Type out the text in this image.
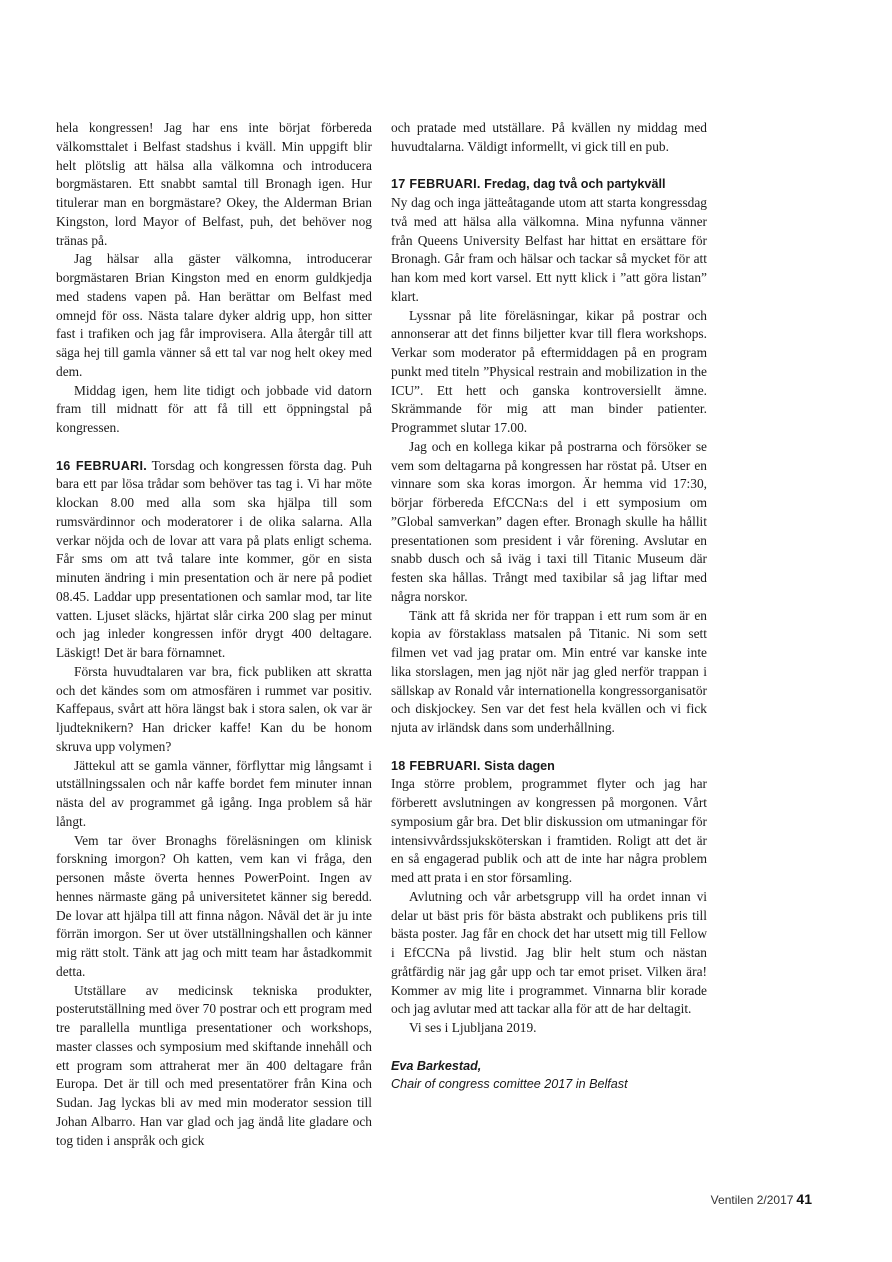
hela kongressen! Jag har ens inte börjat förbereda välkomsttalet i Belfast stadshus i kväll. Min uppgift blir helt plötslig att hälsa alla välkomna och introducera borgmästaren. Ett snabbt samtal till Bronagh igen. Hur titulerar man en borgmästare? Okey, the Alderman Brian Kingston, lord Mayor of Belfast, puh, det behöver nog tränas på.

Jag hälsar alla gäster välkomna, introducerar borgmästaren Brian Kingston med en enorm guldkjedja med stadens vapen på. Han berättar om Belfast med omnejd för oss. Nästa talare dyker aldrig upp, hon sitter fast i trafiken och jag får improvisera. Alla återgår till att säga hej till gamla vänner så ett tal var nog helt okey med dem.

Middag igen, hem lite tidigt och jobbade vid datorn fram till midnatt för att få till ett öppningstal på kongressen.

16 FEBRUARI. Torsdag och kongressen första dag. Puh bara ett par lösa trådar som behöver tas tag i. Vi har möte klockan 8.00 med alla som ska hjälpa till som rumsvärdinnor och moderatorer i de olika salarna. Alla verkar nöjda och de lovar att vara på plats enligt schema. Får sms om att två talare inte kommer, gör en sista minuten ändring i min presentation och är nere på podiet 08.45. Laddar upp presentationen och samlar mod, tar lite vatten. Ljuset släcks, hjärtat slår cirka 200 slag per minut och jag inleder kongressen inför drygt 400 deltagare. Läskigt! Det är bara förnamnet.

Första huvudtalaren var bra, fick publiken att skratta och det kändes som om atmosfären i rummet var positiv. Kaffepaus, svårt att höra längst bak i stora salen, ok var är ljudteknikern? Han dricker kaffe! Kan du be honom skruva upp volymen?

Jättekul att se gamla vänner, förflyttar mig långsamt i utställningssalen och når kaffe bordet fem minuter innan nästa del av programmet gå igång. Inga problem så här långt.

Vem tar över Bronaghs föreläsningen om klinisk forskning imorgon? Oh katten, vem kan vi fråga, den personen måste överta hennes PowerPoint. Ingen av hennes närmaste gäng på universitetet känner sig beredd. De lovar att hjälpa till att finna någon. Nåväl det är ju inte förrän imorgon. Ser ut över utställningshallen och känner mig rätt stolt. Tänk att jag och mitt team har åstadkommit detta.

Utställare av medicinsk tekniska produkter, posterutställning med över 70 postrar och ett program med tre parallella muntliga presentationer och workshops, master classes och symposium med skiftande innehåll och ett program som attraherat mer än 400 deltagare från Europa. Det är till och med presentatörer från Kina och Sudan. Jag lyckas bli av med min moderator session till Johan Albarro. Han var glad och jag ändå lite gladare och tog tiden i anspråk och gick

och pratade med utställare. På kvällen ny middag med huvudtalarna. Väldigt informellt, vi gick till en pub.

17 FEBRUARI. Fredag, dag två och partykväll

Ny dag och inga jätteåtagande utom att starta kongressdag två med att hälsa alla välkomna. Mina nyfunna vänner från Queens University Belfast har hittat en ersättare för Bronagh. Går fram och hälsar och tackar så mycket för att han kom med kort varsel. Ett nytt klick i ”att göra listan” klart.

Lyssnar på lite föreläsningar, kikar på postrar och annonserar att det finns biljetter kvar till flera workshops. Verkar som moderator på eftermiddagen på en program punkt med titeln ”Physical restrain and mobilization in the ICU”. Ett hett och ganska kontroversiellt ämne. Skrämmande för mig att man binder patienter. Programmet slutar 17.00.

Jag och en kollega kikar på postrarna och försöker se vem som deltagarna på kongressen har röstat på. Utser en vinnare som ska koras imorgon. Är hemma vid 17:30, börjar förbereda EfCCNa:s del i ett symposium om ”Global samverkan” dagen efter. Bronagh skulle ha hållit presentationen som president i vår förening. Avslutar en snabb dusch och så iväg i taxi till Titanic Museum där festen ska hållas. Trångt med taxibilar så jag liftar med några norskor.

Tänk att få skrida ner för trappan i ett rum som är en kopia av förstaklass matsalen på Titanic. Ni som sett filmen vet vad jag pratar om. Min entré var kanske inte lika storslagen, men jag njöt när jag gled nerför trappan i sällskap av Ronald vår internationella kongressorganisatör och diskjockey. Sen var det fest hela kvällen och vi fick njuta av irländsk dans som underhållning.

18 FEBRUARI. Sista dagen

Inga större problem, programmet flyter och jag har förberett avslutningen av kongressen på morgonen. Vårt symposium går bra. Det blir diskussion om utmaningar för intensivvårdssjuksköterskan i framtiden. Roligt att det är en så engagerad publik och att de inte har några problem med att prata i en stor församling.

Avlutning och vår arbetsgrupp vill ha ordet innan vi delar ut bäst pris för bästa abstrakt och publikens pris till bästa poster. Jag får en chock det har utsett mig till Fellow i EfCCNa på livstid. Jag blir helt stum och nästan gråtfärdig när jag går upp och tar emot priset. Vilken ära! Kommer av mig lite i programmet. Vinnarna blir korade och jag avlutar med att tackar alla för att de har deltagit.

Vi ses i Ljubljana 2019.

Eva Barkestad,

Chair of congress comittee 2017 in Belfast

Ventilen 2/2017 41
